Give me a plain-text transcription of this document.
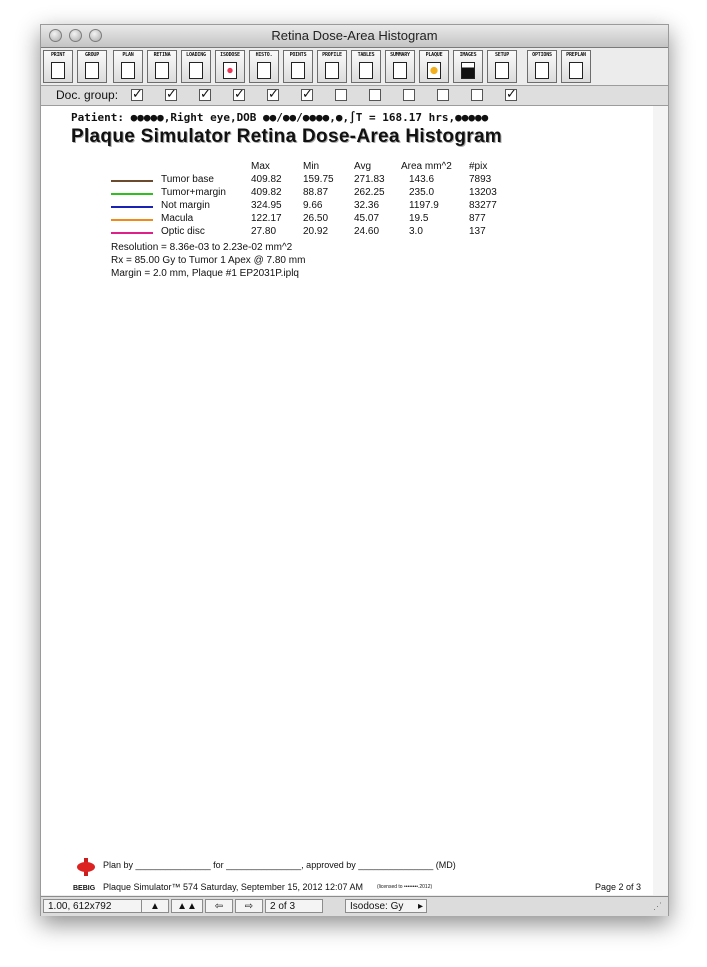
Retina Dose-Area Histogram
PRINT	GROUP	PLAN	RETINA	LOADING	ISODOSE	HISTO.	POINTS	PROFILE	TABLES	SUMMARY	PLAQUE	IMAGES	SETUP	OPTIONS	PREPLAN
Doc. group: ✓ ✓ ✓ ✓ ✓ ✓	✓
Patient: ●●●●●,Right eye,DOB ●●/●●/●●●●,●,∫T = 168.17 hrs,●●●●●
Plaque Simulator Retina Dose-Area Histogram
Max	Min	Avg	Area mm^2 #pix
Tumor base	409.82 159.75 271.83 143.6	7893
Tumor+margin	409.82 88.87	262.25 235.0	13203
Not margin	324.95 9.66	32.36	1197.9	83277
Macula	122.17 26.50	45.07	19.5	877
Optic disc	27.80	20.92	24.60	3.0	137
Resolution = 8.36e-03 to 2.23e-02 mm^2
Rx = 85.00 Gy to Tumor 1 Apex @ 7.80 mm
Margin = 2.0 mm, Plaque #1 EP2031P.iplq
BEBIG
Plan by _______________ for _______________, approved by _______________ (MD)
Plaque Simulator™ 574 Saturday, September 15, 2012 12:07 AM	(licensed to ••••••••.2012)	Page 2 of 3
1.00, 612x792	▲	▲▲	⇦	⇨	2 of 3	Isodose: Gy ▸	⋰
